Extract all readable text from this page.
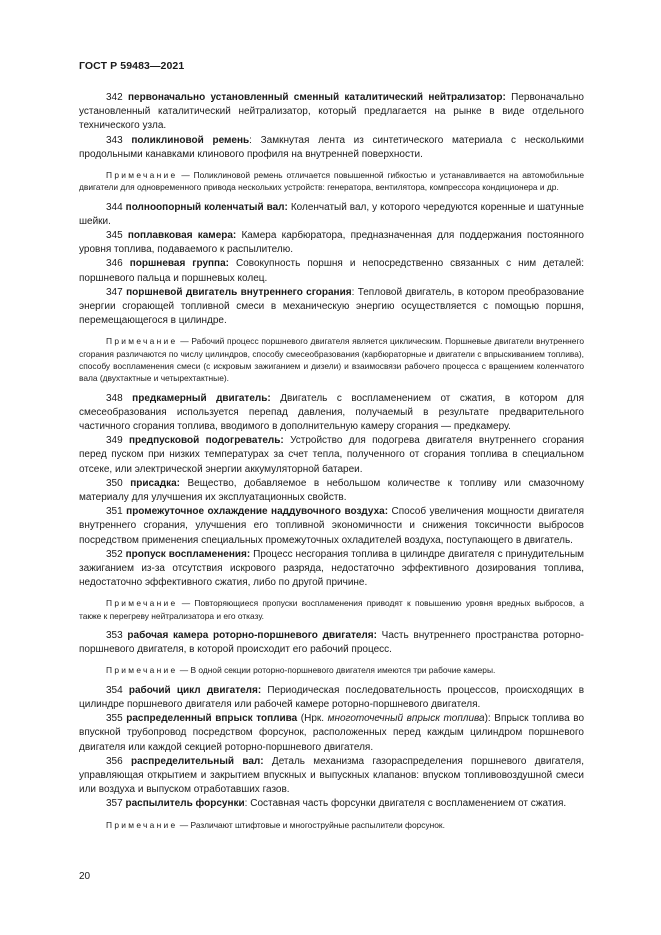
ГОСТ Р 59483—2021

342 первоначально установленный сменный каталитический нейтрализатор: Первоначально установленный каталитический нейтрализатор, который предлагается на рынке в виде отдельного технического узла.

343 поликлиновой ремень: Замкнутая лента из синтетического материала с несколькими продольными канавками клинового профиля на внутренней поверхности.

Примечание — Поликлиновой ремень отличается повышенной гибкостью и устанавливается на автомобильные двигатели для одновременного привода нескольких устройств: генератора, вентилятора, компрессора кондиционера и др.

344 полноопорный коленчатый вал: Коленчатый вал, у которого чередуются коренные и шатунные шейки.

345 поплавковая камера: Камера карбюратора, предназначенная для поддержания постоянного уровня топлива, подаваемого к распылителю.

346 поршневая группа: Совокупность поршня и непосредственно связанных с ним деталей: поршневого пальца и поршневых колец.

347 поршневой двигатель внутреннего сгорания: Тепловой двигатель, в котором преобразование энергии сгорающей топливной смеси в механическую энергию осуществляется с помощью поршня, перемещающегося в цилиндре.

Примечание — Рабочий процесс поршневого двигателя является циклическим. Поршневые двигатели внутреннего сгорания различаются по числу цилиндров, способу смесеобразования (карбюраторные и двигатели с впрыскиванием топлива), способу воспламенения смеси (с искровым зажиганием и дизели) и взаимосвязи рабочего процесса с вращением коленчатого вала (двухтактные и четырехтактные).

348 предкамерный двигатель: Двигатель с воспламенением от сжатия, в котором для смесеобразования используется перепад давления, получаемый в результате предварительного частичного сгорания топлива, вводимого в дополнительную камеру сгорания — предкамеру.

349 предпусковой подогреватель: Устройство для подогрева двигателя внутреннего сгорания перед пуском при низких температурах за счет тепла, полученного от сгорания топлива в специальном отсеке, или электрической энергии аккумуляторной батареи.

350 присадка: Вещество, добавляемое в небольшом количестве к топливу или смазочному материалу для улучшения их эксплуатационных свойств.

351 промежуточное охлаждение наддувочного воздуха: Способ увеличения мощности двигателя внутреннего сгорания, улучшения его топливной экономичности и снижения токсичности выбросов посредством применения специальных промежуточных охладителей воздуха, поступающего в двигатель.

352 пропуск воспламенения: Процесс несгорания топлива в цилиндре двигателя с принудительным зажиганием из-за отсутствия искрового разряда, недостаточно эффективного дозирования топлива, недостаточно эффективного сжатия, либо по другой причине.

Примечание — Повторяющиеся пропуски воспламенения приводят к повышению уровня вредных выбросов, а также к перегреву нейтрализатора и его отказу.

353 рабочая камера роторно-поршневого двигателя: Часть внутреннего пространства роторно-поршневого двигателя, в которой происходит его рабочий процесс.

Примечание — В одной секции роторно-поршневого двигателя имеются три рабочие камеры.

354 рабочий цикл двигателя: Периодическая последовательность процессов, происходящих в цилиндре поршневого двигателя или рабочей камере роторно-поршневого двигателя.

355 распределенный впрыск топлива (Нрк. многоточечный впрыск топлива): Впрыск топлива во впускной трубопровод посредством форсунок, расположенных перед каждым цилиндром поршневого двигателя или каждой секцией роторно-поршневого двигателя.

356 распределительный вал: Деталь механизма газораспределения поршневого двигателя, управляющая открытием и закрытием впускных и выпускных клапанов: впуском топливовоздушной смеси или воздуха и выпуском отработавших газов.

357 распылитель форсунки: Составная часть форсунки двигателя с воспламенением от сжатия.

Примечание — Различают штифтовые и многоструйные распылители форсунок.

20
